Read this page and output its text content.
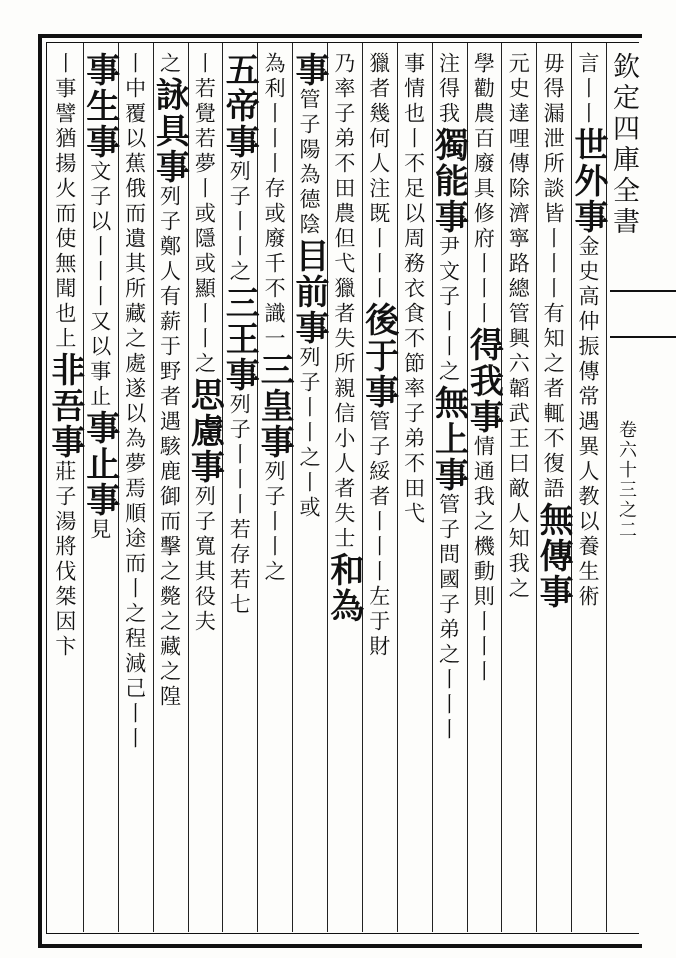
欽定四庫全書
卷六十三之二
言丨丨世外事金史高仲振傳常遇異人教以養生術
毋得漏泄所談皆丨丨丨有知之者輒不復語無傳事
元史達哩傳除濟寧路總管興六韜武王曰敵人知我之
學勸農百廢具修府丨丨丨得我事情通我之機動則丨丨丨
注得我獨能事尹文子丨丨之無上事管子問國子弟之丨丨丨
事情也丨不足以周務衣食不節率子弟不田弋
獵者幾何人注既丨丨丨後于事管子綏者丨丨丨左于財
乃率子弟不田農但弋獵者失所親信小人者失士和為
事管子陽為德陰目前事列子丨丨之丨或
為利丨丨丨存或廢千不識一三皇事列子丨丨之
五帝事列子丨丨之三王事列子丨丨丨若存若七
丨若覺若夢丨或隱或顯丨丨之思慮事列子寬其役夫
之詠具事列子鄭人有薪于野者遇駭鹿御而擊之斃之藏之隍
丨中覆以蕉俄而遺其所藏之處遂以為夢焉順途而丨之程減己丨丨
事生事文子以丨丨丨又以事止事止事見
丨事譬猶揚火而使無聞也上非吾事莊子湯將伐桀因卞
